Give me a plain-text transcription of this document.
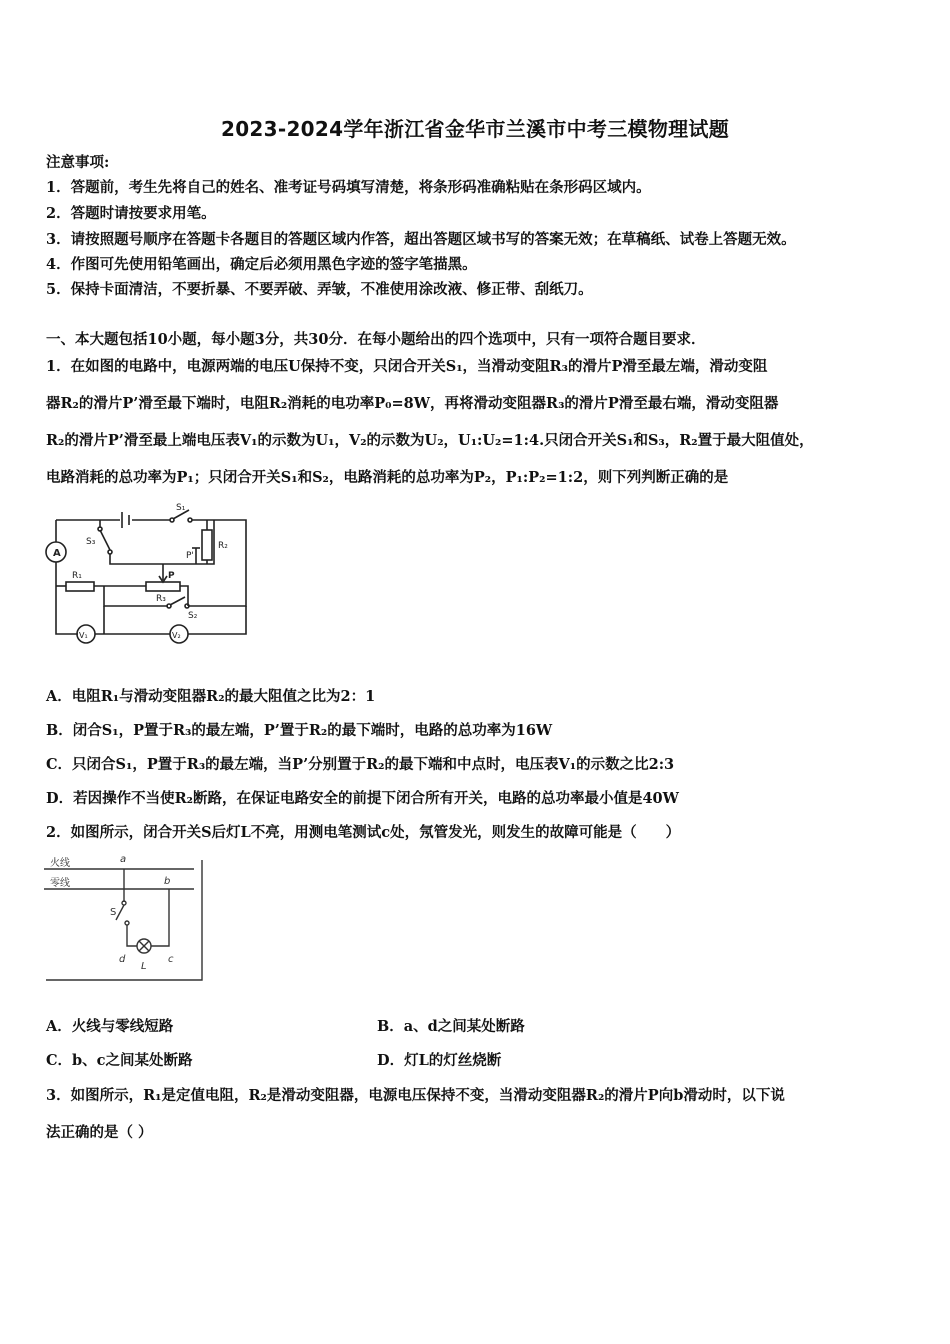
2023-2024学年浙江省金华市兰溪市中考三模物理试题
注意事项:
1．答题前，考生先将自己的姓名、准考证号码填写清楚，将条形码准确粘贴在条形码区域内。
2．答题时请按要求用笔。
3．请按照题号顺序在答题卡各题目的答题区域内作答，超出答题区域书写的答案无效；在草稿纸、试卷上答题无效。
4．作图可先使用铅笔画出，确定后必须用黑色字迹的签字笔描黑。
5．保持卡面清洁，不要折暴、不要弄破、弄皱，不准使用涂改液、修正带、刮纸刀。
一、本大题包括10小题，每小题3分，共30分．在每小题给出的四个选项中，只有一项符合题目要求．
1．在如图的电路中，电源两端的电压U保持不变，只闭合开关S₁，当滑动变阻R₃的滑片P滑至最左端，滑动变阻
器R₂的滑片P’滑至最下端时，电阻R₂消耗的电功率P₀=8W，再将滑动变阻器R₃的滑片P滑至最右端，滑动变阻器
R₂的滑片P’滑至最上端电压表V₁的示数为U₁，V₂的示数为U₂，U₁:U₂=1:4.只闭合开关S₁和S₃，R₂置于最大阻值处，
电路消耗的总功率为P₁；只闭合开关S₁和S₂，电路消耗的总功率为P₂，P₁:P₂=1:2，则下列判断正确的是
A
S₁
S₃	R₂
P'
R₁	P
R₃
S₂
V₁	V₂
A．电阻R₁与滑动变阻器R₂的最大阻值之比为2：1
B．闭合S₁，P置于R₃的最左端，P’置于R₂的最下端时，电路的总功率为16W
C．只闭合S₁，P置于R₃的最左端，当P’分别置于R₂的最下端和中点时，电压表V₁的示数之比2:3
D．若因操作不当使R₂断路，在保证电路安全的前提下闭合所有开关，电路的总功率最小值是40W
2．如图所示，闭合开关S后灯L不亮，用测电笔测试c处，氖管发光，则发生的故障可能是（　　）
火线
零线
a
b
S
d
L
c
A．火线与零线短路	B．a、d之间某处断路
C．b、c之间某处断路	D．灯L的灯丝烧断
3．如图所示，R₁是定值电阻，R₂是滑动变阻器，电源电压保持不变，当滑动变阻器R₂的滑片P向b滑动时，以下说
法正确的是（ ）
